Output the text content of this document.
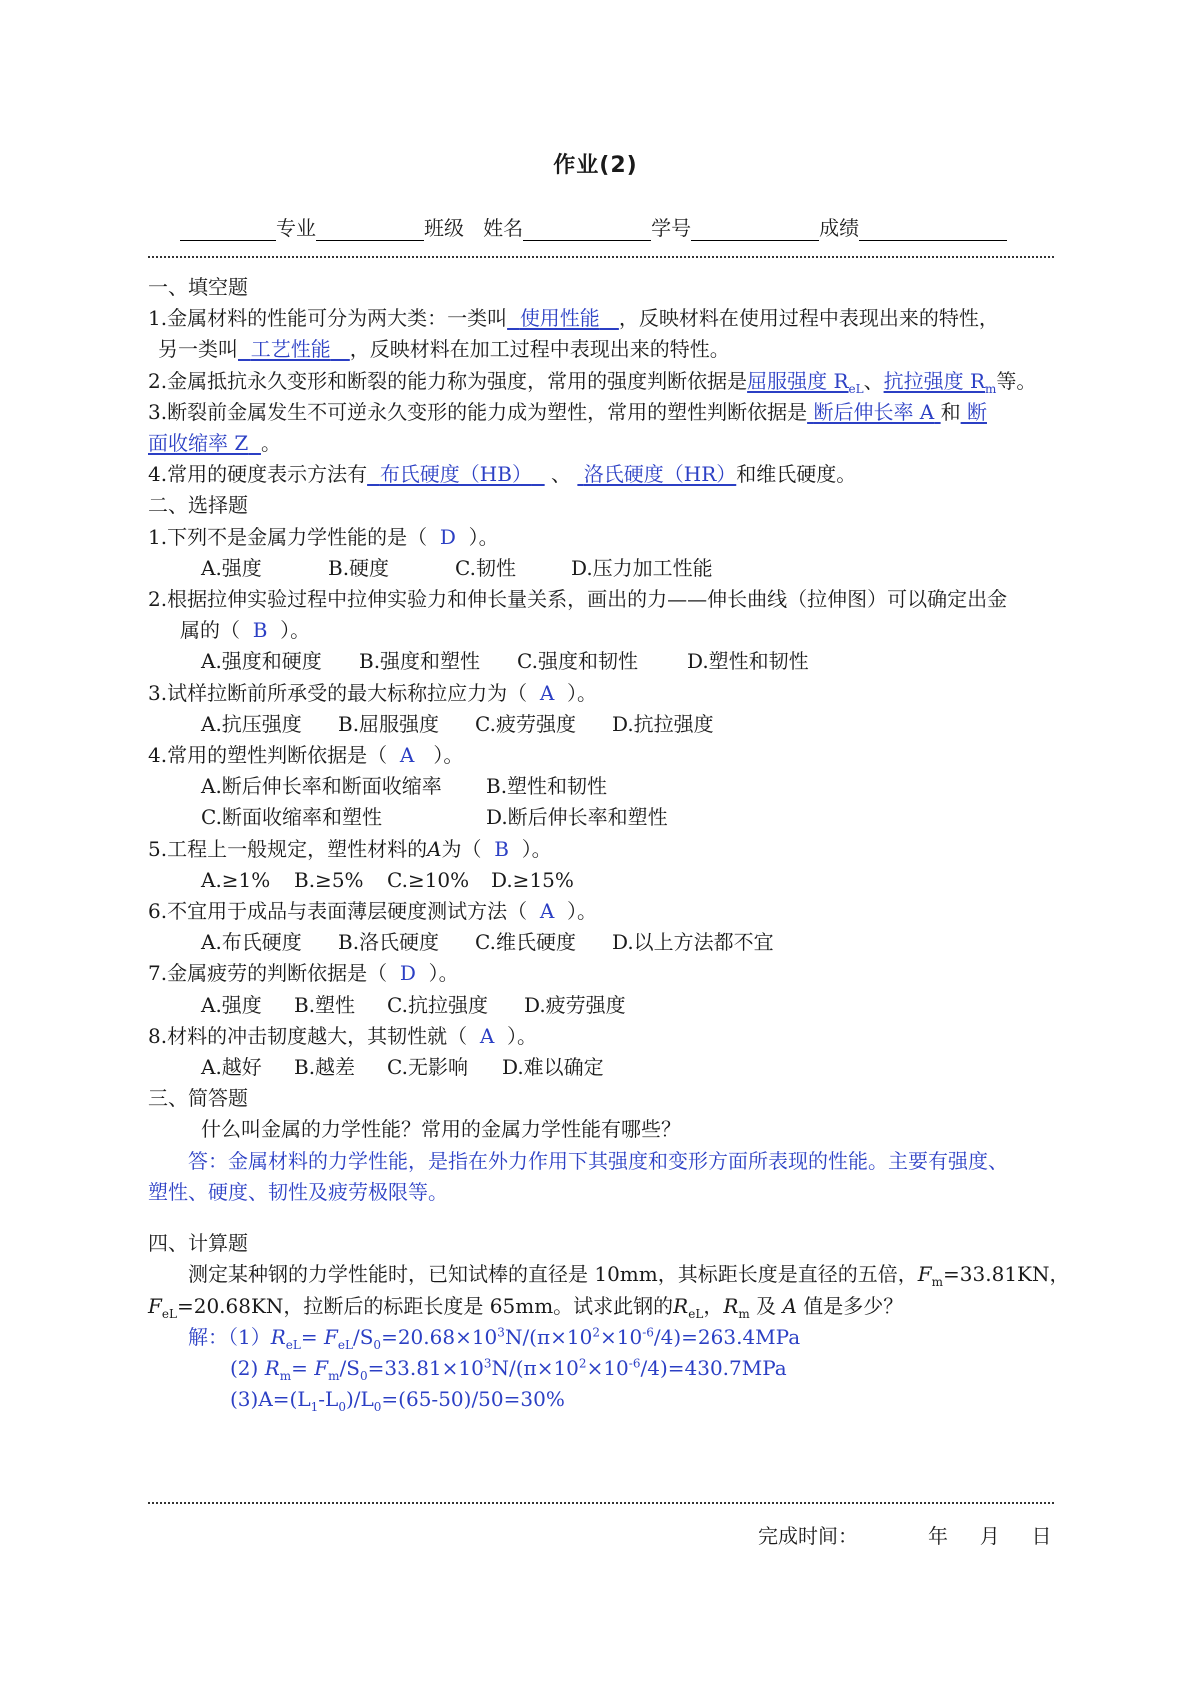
作业(2)
专业	班级 姓名	学号	成绩
一、填空题
1.金属材料的性能可分为两大类：一类叫 使用性能 ，反映材料在使用过程中表现出来的特性，
另一类叫 工艺性能 ，反映材料在加工过程中表现出来的特性。
2.金属抵抗永久变形和断裂的能力称为强度，常用的强度判断依据是屈服强度 $R_{eL}$、抗拉强度 $R_m$等。
3.断裂前金属发生不可逆永久变形的能力成为塑性，常用的塑性判断依据是 断后伸长率 A 和 断
面收缩率 Z 。
4.常用的硬度表示方法有 布氏硬度（HB） 、 洛氏硬度（HR）和维氏硬度。
二、选择题
1.下列不是金属力学性能的是（ D ）。
A.强度	B.硬度	C.韧性	D.压力加工性能
2.根据拉伸实验过程中拉伸实验力和伸长量关系，画出的力——伸长曲线（拉伸图）可以确定出金
属的（ B ）。
A.强度和硬度 B.强度和塑性 C.强度和韧性 D.塑性和韧性
3.试样拉断前所承受的最大标称拉应力为（ A ）。
A.抗压强度 B.屈服强度 C.疲劳强度 D.抗拉强度
4.常用的塑性判断依据是（ A ）。
A.断后伸长率和断面收缩率 B.塑性和韧性
C.断面收缩率和塑性	D.断后伸长率和塑性
5.工程上一般规定，塑性材料的A为（ B ）。
A.≥1% B.≥5% C.≥10% D.≥15%
6.不宜用于成品与表面薄层硬度测试方法（ A ）。
A.布氏硬度 B.洛氏硬度 C.维氏硬度 D.以上方法都不宜
7.金属疲劳的判断依据是（ D ）。
A.强度 B.塑性 C.抗拉强度 D.疲劳强度
8.材料的冲击韧度越大，其韧性就（ A ）。
A.越好 B.越差 C.无影响 D.难以确定
三、简答题
什么叫金属的力学性能？常用的金属力学性能有哪些？
答：金属材料的力学性能，是指在外力作用下其强度和变形方面所表现的性能。主要有强度、
塑性、硬度、韧性及疲劳极限等。
四、计算题
测定某种钢的力学性能时，已知试棒的直径是 10mm，其标距长度是直径的五倍，$F_m=33.81KN$，
$F_{eL}=20.68KN$，拉断后的标距长度是 65mm。试求此钢的$R_{eL}$，$R_m$ 及 A 值是多少？
解：$(1)R_{eL}= F_{eL}/S_0=20.68\times 10^3N/(\pi\times 10^2\times 10^{-6}/4)=263.4MPa$
(2) $R_m= F_m/S_0=33.81\times 10^3N/(\pi\times 10^2\times 10^{-6}/4)=430.7MPa$
$(3)A=(L_1-L_0)/L_0=(65-50)/50=30\%$
完成时间：	年 月 日
